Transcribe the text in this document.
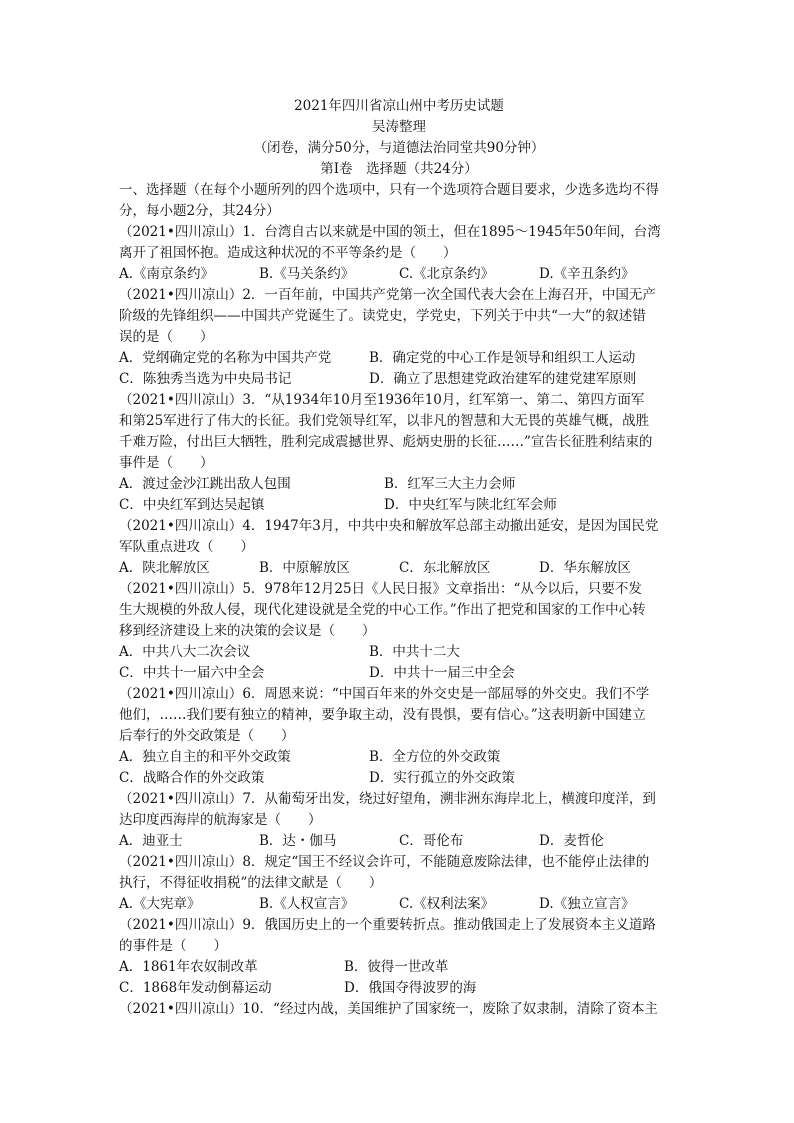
2021年四川省凉山州中考历史试题
吴涛整理
（闭卷，满分50分，与道德法治同堂共90分钟）
第Ⅰ卷　选择题（共24分）
一、选择题（在每个小题所列的四个选项中，只有一个选项符合题目要求，少选多选均不得
分，每小题2分，其24分）
（2021•四川凉山）1．台湾自古以来就是中国的领土，但在1895～1945年50年间，台湾
离开了祖国怀抱。造成这种状况的不平等条约是（　　）
A.《南京条约》	B.《马关条约》	C.《北京条约》	D.《辛丑条约》
（2021•四川凉山）2．一百年前，中国共产党第一次全国代表大会在上海召开，中国无产
阶级的先锋组织——中国共产党诞生了。读党史，学党史，下列关于中共“一大”的叙述错
误的是（　　）
A．党纲确定党的名称为中国共产党	B．确定党的中心工作是领导和组织工人运动
C．陈独秀当选为中央局书记	D．确立了思想建党政治建军的建党建军原则
（2021•四川凉山）3．“从1934年10月至1936年10月，红军第一、第二、第四方面军
和第25军进行了伟大的长征。我们党领导红军，以非凡的智慧和大无畏的英雄气概，战胜
千难万险，付出巨大牺牲，胜利完成震撼世界、彪炳史册的长征……”宣告长征胜利结束的
事件是（　　）
A．渡过金沙江跳出敌人包围	B．红军三大主力会师
C．中央红军到达吴起镇	D．中央红军与陕北红军会师
（2021•四川凉山）4．1947年3月，中共中央和解放军总部主动撤出延安，是因为国民党
军队重点进攻（　　）
A．陕北解放区	B．中原解放区	C．东北解放区	D．华东解放区
（2021•四川凉山）5．978年12月25日《人民日报》文章指出：“从今以后，只要不发
生大规模的外敌人侵，现代化建设就是全党的中心工作。”作出了把党和国家的工作中心转
移到经济建设上来的决策的会议是（　　）
A．中共八大二次会议	B．中共十二大
C．中共十一届六中全会	D．中共十一届三中全会
（2021•四川凉山）6．周恩来说：“中国百年来的外交史是一部屈辱的外交史。我们不学
他们，……我们要有独立的精神，要争取主动，没有畏惧，要有信心。”这表明新中国建立
后奉行的外交政策是（　　）
A．独立自主的和平外交政策	B．全方位的外交政策
C．战略合作的外交政策	D．实行孤立的外交政策
（2021•四川凉山）7．从葡萄牙出发，绕过好望角，溯非洲东海岸北上，横渡印度洋，到
达印度西海岸的航海家是（　　）
A．迪亚士	B．达・伽马	C．哥伦布	D．麦哲伦
（2021•四川凉山）8．规定“国王不经议会许可，不能随意废除法律，也不能停止法律的
执行，不得征收捐税”的法律文献是（　　）
A.《大宪章》	B.《人权宣言》	C.《权利法案》	D.《独立宣言》
（2021•四川凉山）9．俄国历史上的一个重要转折点。推动俄国走上了发展资本主义道路
的事件是（　　）
A．1861年农奴制改革	B．彼得一世改革
C．1868年发动倒幕运动	D．俄国夺得波罗的海
（2021•四川凉山）10．“经过内战，美国维护了国家统一，废除了奴隶制，清除了资本主
